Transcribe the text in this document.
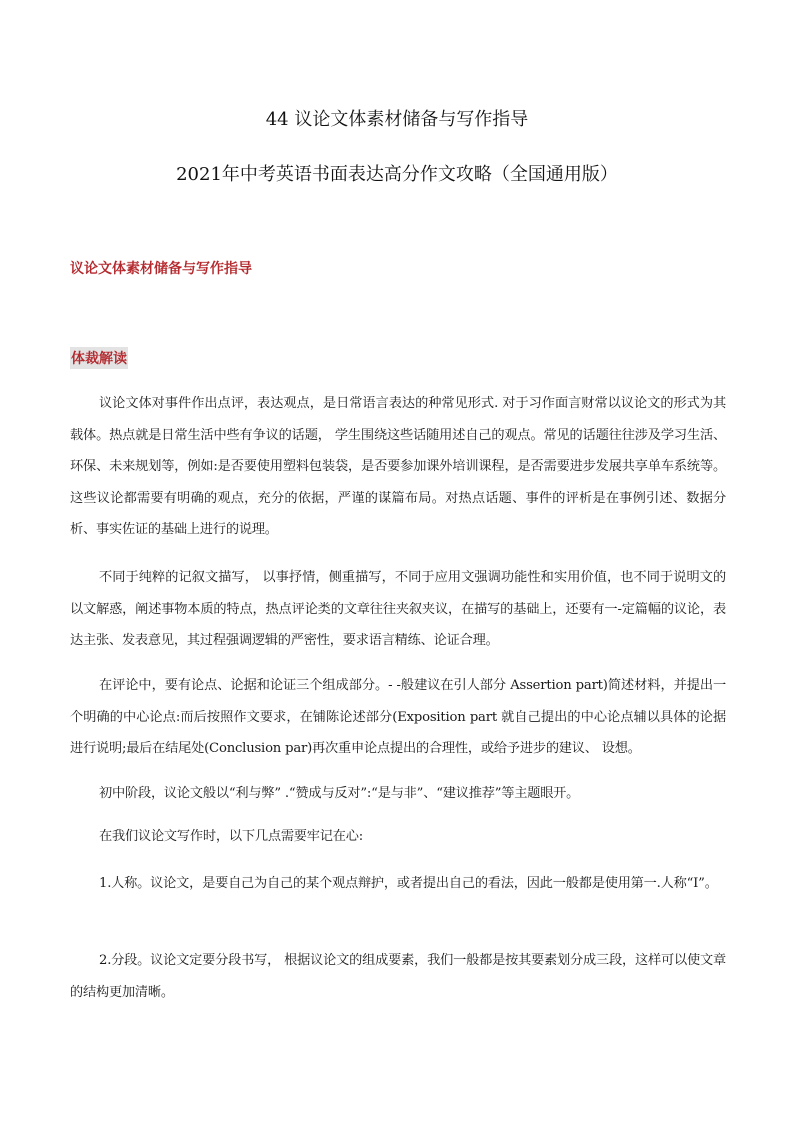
44 议论文体素材储备与写作指导
2021年中考英语书面表达高分作文攻略（全国通用版）
议论文体素材储备与写作指导
体裁解读

议论文体对事件作出点评，表达观点，是日常语言表达的种常见形式. 对于习作面言财常以议论文的形式为其载体。热点就是日常生活中些有争议的话题， 学生围绕这些话随用述自己的观点。常见的话题往往涉及学习生活、环保、未来规划等，例如:是否要使用塑料包装袋，是否要参加课外培训课程，是否需要进步发展共享单车系统等。 这些议论都需要有明确的观点，充分的依据，严谨的谋篇布局。对热点话题、事件的评析是在事例引述、数据分析、事实佐证的基础上进行的说理。

不同于纯粹的记叙文描写， 以事抒情，侧重描写，不同于应用文强调功能性和实用价值，也不同于说明文的以文解惑，阐述事物本质的特点，热点评论类的文章往往夹叙夹议，在描写的基础上，还要有一-定篇幅的议论，表达主张、发表意见，其过程强调逻辑的严密性，要求语言精练、论证合理。

在评论中，要有论点、论据和论证三个组成部分。- -般建议在引人部分 Assertion part)简述材料，并提出一个明确的中心论点:而后按照作文要求，在铺陈论述部分(Exposition part 就自己提出的中心论点辅以具体的论据进行说明;最后在结尾处(Conclusion par)再次重申论点提出的合理性，或给予进步的建议、 设想。

初中阶段，议论文般以“利与弊” .“赞成与反对”:“是与非”、“建议推荐”等主题眼开。

在我们议论文写作时，以下几点需要牢记在心:

1.人称。议论文，是要自己为自己的某个观点辩护，或者提出自己的看法，因此一般都是使用第一.人称“I”。

2.分段。议论文定要分段书写， 根据议论文的组成要素，我们一般都是按其要素划分成三段，这样可以使文章的结构更加清晰。
